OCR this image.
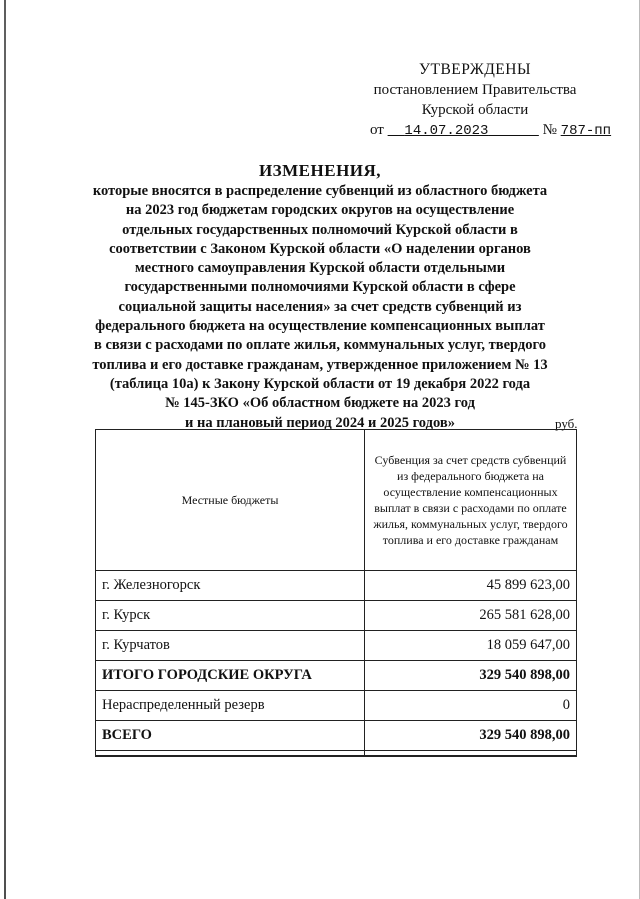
УТВЕРЖДЕНЫ
постановлением Правительства
Курской области
от 14.07.2023	№ 787-пп
ИЗМЕНЕНИЯ,
которые вносятся в распределение субвенций из областного бюджета
на 2023 год бюджетам городских округов на осуществление
отдельных государственных полномочий Курской области в
соответствии с Законом Курской области «О наделении органов
местного самоуправления Курской области отдельными
государственными полномочиями Курской области в сфере
социальной защиты населения» за счет средств субвенций из
федерального бюджета на осуществление компенсационных выплат
в связи с расходами по оплате жилья, коммунальных услуг, твердого
топлива и его доставке гражданам, утвержденное приложением № 13
(таблица 10а) к Закону Курской области от 19 декабря 2022 года
№ 145-ЗКО «Об областном бюджете на 2023 год
и на плановый период 2024 и 2025 годов»	руб.
Местные бюджеты	Субвенция за счет средств субвенций из федерального бюджета на осуществление компенсационных выплат в связи с расходами по оплате жилья, коммунальных услуг, твердого топлива и его доставке гражданам
г. Железногорск	45 899 623,00
г. Курск	265 581 628,00
г. Курчатов	18 059 647,00
ИТОГО ГОРОДСКИЕ ОКРУГА	329 540 898,00
Нераспределенный резерв	0
ВСЕГО	329 540 898,00
